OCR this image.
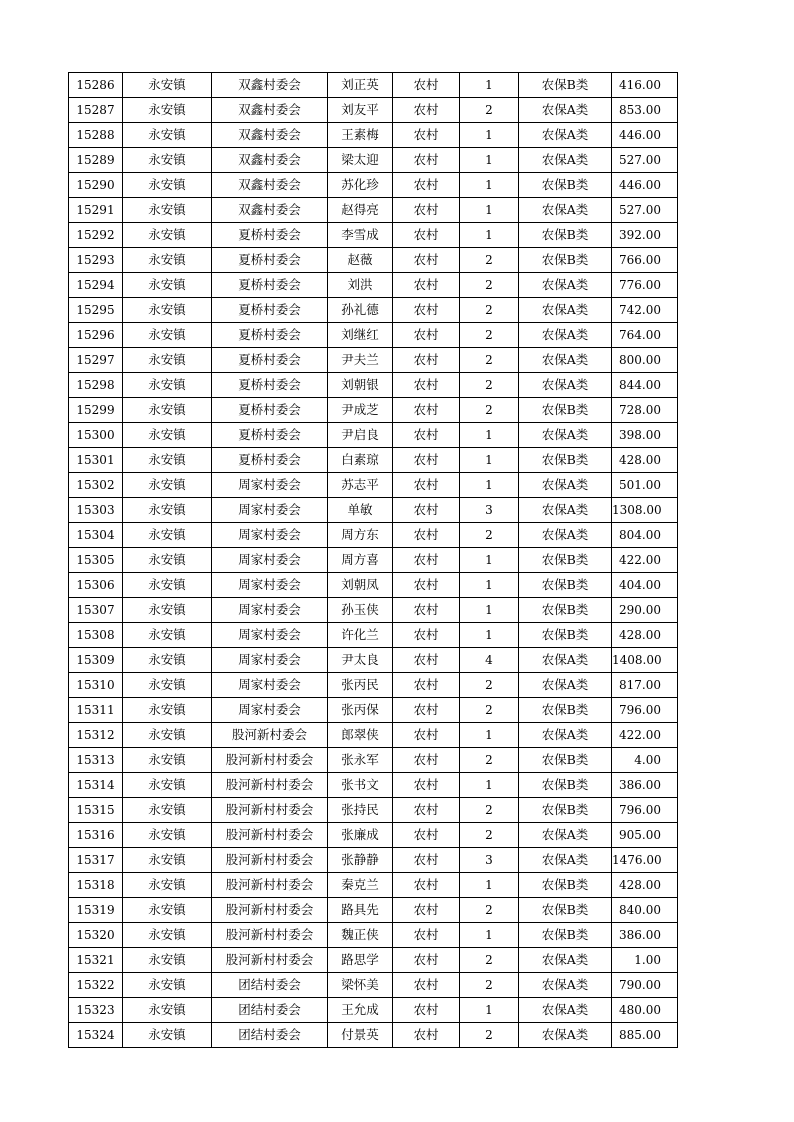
15286	永安镇	双鑫村委会	刘正英	农村	1	农保B类	416.00
15287	永安镇	双鑫村委会	刘友平	农村	2	农保A类	853.00
15288	永安镇	双鑫村委会	王素梅	农村	1	农保A类	446.00
15289	永安镇	双鑫村委会	梁太迎	农村	1	农保A类	527.00
15290	永安镇	双鑫村委会	苏化珍	农村	1	农保B类	446.00
15291	永安镇	双鑫村委会	赵得亮	农村	1	农保A类	527.00
15292	永安镇	夏桥村委会	李雪成	农村	1	农保B类	392.00
15293	永安镇	夏桥村委会	赵薇	农村	2	农保B类	766.00
15294	永安镇	夏桥村委会	刘洪	农村	2	农保A类	776.00
15295	永安镇	夏桥村委会	孙礼德	农村	2	农保A类	742.00
15296	永安镇	夏桥村委会	刘继红	农村	2	农保A类	764.00
15297	永安镇	夏桥村委会	尹夫兰	农村	2	农保A类	800.00
15298	永安镇	夏桥村委会	刘朝银	农村	2	农保A类	844.00
15299	永安镇	夏桥村委会	尹成芝	农村	2	农保B类	728.00
15300	永安镇	夏桥村委会	尹启良	农村	1	农保A类	398.00
15301	永安镇	夏桥村委会	白素琼	农村	1	农保B类	428.00
15302	永安镇	周家村委会	苏志平	农村	1	农保A类	501.00
15303	永安镇	周家村委会	单敏	农村	3	农保A类	1308.00
15304	永安镇	周家村委会	周方东	农村	2	农保A类	804.00
15305	永安镇	周家村委会	周方喜	农村	1	农保B类	422.00
15306	永安镇	周家村委会	刘朝凤	农村	1	农保B类	404.00
15307	永安镇	周家村委会	孙玉侠	农村	1	农保B类	290.00
15308	永安镇	周家村委会	许化兰	农村	1	农保B类	428.00
15309	永安镇	周家村委会	尹太良	农村	4	农保A类	1408.00
15310	永安镇	周家村委会	张丙民	农村	2	农保A类	817.00
15311	永安镇	周家村委会	张丙保	农村	2	农保B类	796.00
15312	永安镇	股河新村委会	郎翠侠	农村	1	农保A类	422.00
15313	永安镇	股河新村村委会	张永军	农村	2	农保B类	4.00
15314	永安镇	股河新村村委会	张书文	农村	1	农保B类	386.00
15315	永安镇	股河新村村委会	张持民	农村	2	农保B类	796.00
15316	永安镇	股河新村村委会	张廉成	农村	2	农保A类	905.00
15317	永安镇	股河新村村委会	张静静	农村	3	农保A类	1476.00
15318	永安镇	股河新村村委会	秦克兰	农村	1	农保B类	428.00
15319	永安镇	股河新村村委会	路具先	农村	2	农保B类	840.00
15320	永安镇	股河新村村委会	魏正侠	农村	1	农保B类	386.00
15321	永安镇	股河新村村委会	路思学	农村	2	农保A类	1.00
15322	永安镇	团结村委会	梁怀美	农村	2	农保A类	790.00
15323	永安镇	团结村委会	王允成	农村	1	农保A类	480.00
15324	永安镇	团结村委会	付景英	农村	2	农保A类	885.00
